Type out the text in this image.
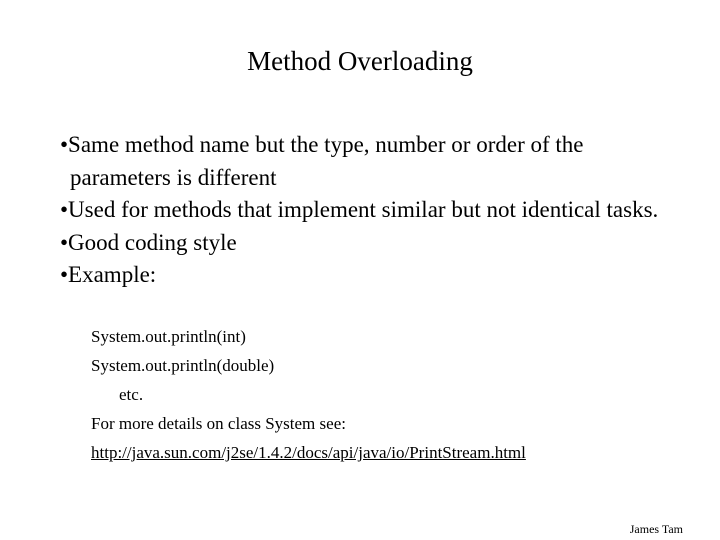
Method Overloading
•Same method name but the type, number or order of the parameters is different
•Used for methods that implement similar but not identical tasks.
•Good coding style
•Example:
System.out.println(int)
System.out.println(double)
etc.
For more details on class System see:
http://java.sun.com/j2se/1.4.2/docs/api/java/io/PrintStream.html
James Tam
